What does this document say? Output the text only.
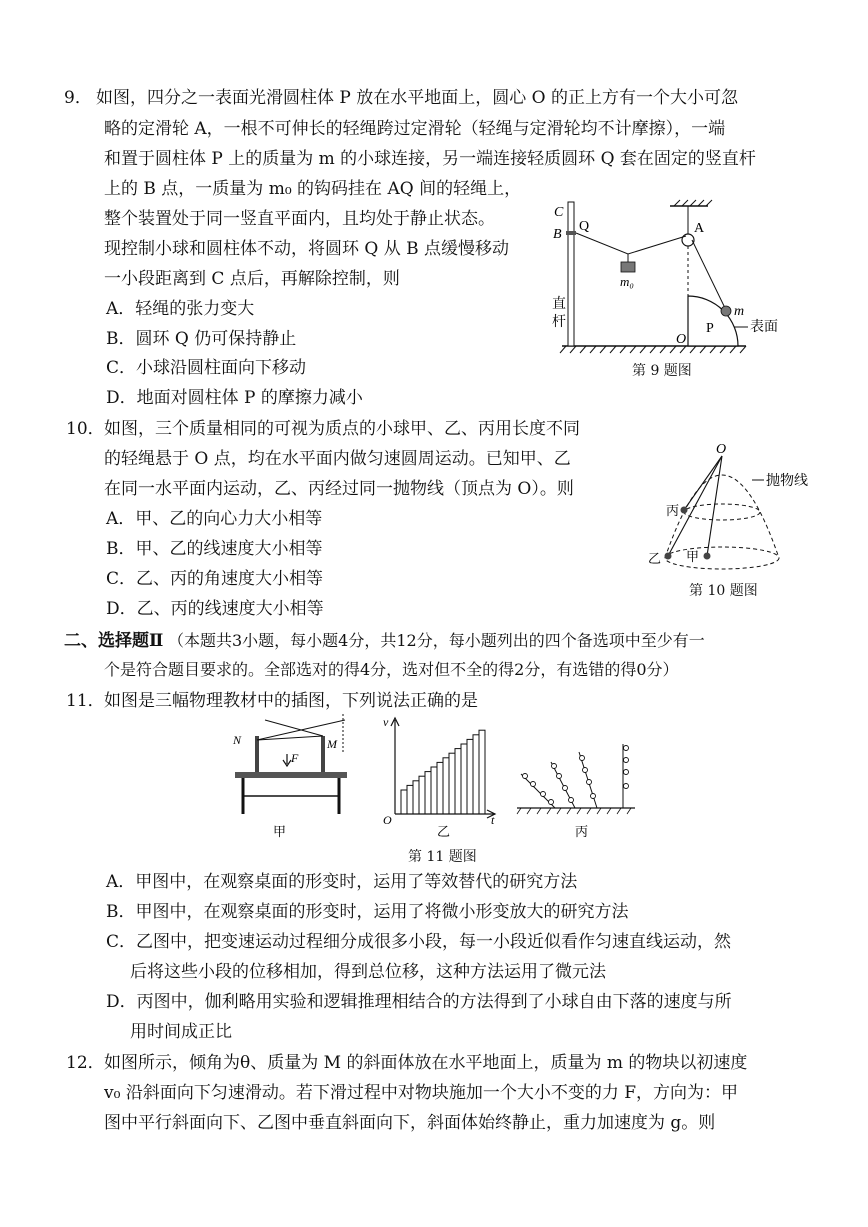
9． 如图，四分之一表面光滑圆柱体 P 放在水平地面上，圆心 O 的正上方有一个大小可忽
略的定滑轮 A，一根不可伸长的轻绳跨过定滑轮（轻绳与定滑轮均不计摩擦），一端
和置于圆柱体 P 上的质量为 m 的小球连接，另一端连接轻质圆环 Q 套在固定的竖直杆
上的 B 点，一质量为 m₀ 的钩码挂在 AQ 间的轻绳上，
整个装置处于同一竖直平面内，且均处于静止状态。
现控制小球和圆柱体不动，将圆环 Q 从 B 点缓慢移动
一小段距离到 C 点后，再解除控制，则
A．轻绳的张力变大
B．圆环 Q 仍可保持静止
C．小球沿圆柱面向下移动
D．地面对圆柱体 P 的摩擦力减小
C
B
Q	A
m₀
m
直
杆
O
P	表面
第 9 题图
10． 如图，三个质量相同的可视为质点的小球甲、乙、丙用长度不同
的轻绳悬于 O 点，均在水平面内做匀速圆周运动。已知甲、乙
在同一水平面内运动，乙、丙经过同一抛物线（顶点为 O）。则
A．甲、乙的向心力大小相等
B．甲、乙的线速度大小相等
C．乙、丙的角速度大小相等
D．乙、丙的线速度大小相等
O
抛物线
丙
乙 甲
第 10 题图
二、选择题Ⅱ （本题共3小题，每小题4分，共12分，每小题列出的四个备选项中至少有一
个是符合题目要求的。全部选对的得4分，选对但不全的得2分，有选错的得0分）
11． 如图是三幅物理教材中的插图，下列说法正确的是
N	M
F
v
O	t
甲	乙	丙
第 11 题图
A．甲图中，在观察桌面的形变时，运用了等效替代的研究方法
B．甲图中，在观察桌面的形变时，运用了将微小形变放大的研究方法
C．乙图中，把变速运动过程细分成很多小段，每一小段近似看作匀速直线运动，然
后将这些小段的位移相加，得到总位移，这种方法运用了微元法
D．丙图中，伽利略用实验和逻辑推理相结合的方法得到了小球自由下落的速度与所
用时间成正比
12． 如图所示，倾角为θ、质量为 M 的斜面体放在水平地面上，质量为 m 的物块以初速度
v₀ 沿斜面向下匀速滑动。若下滑过程中对物块施加一个大小不变的力 F，方向为：甲
图中平行斜面向下、乙图中垂直斜面向下，斜面体始终静止，重力加速度为 g。则
